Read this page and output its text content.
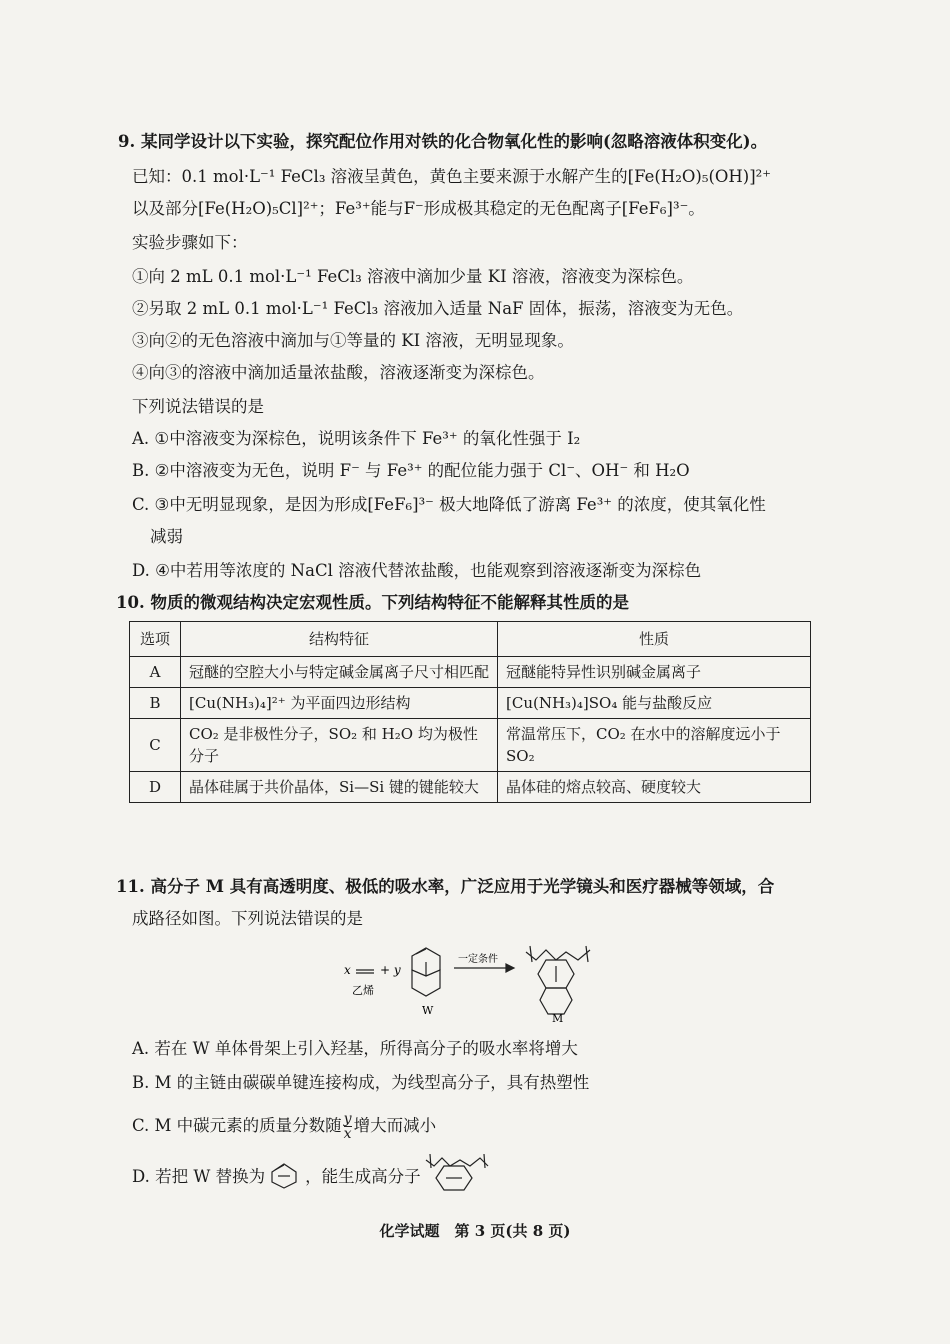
9. 某同学设计以下实验，探究配位作用对铁的化合物氧化性的影响(忽略溶液体积变化)。
已知：0.1 mol·L⁻¹ FeCl₃ 溶液呈黄色，黄色主要来源于水解产生的[Fe(H₂O)₅(OH)]²⁺
以及部分[Fe(H₂O)₅Cl]²⁺；Fe³⁺能与F⁻形成极其稳定的无色配离子[FeF₆]³⁻。
实验步骤如下：
①向 2 mL 0.1 mol·L⁻¹ FeCl₃ 溶液中滴加少量 KI 溶液，溶液变为深棕色。
②另取 2 mL 0.1 mol·L⁻¹ FeCl₃ 溶液加入适量 NaF 固体，振荡，溶液变为无色。
③向②的无色溶液中滴加与①等量的 KI 溶液，无明显现象。
④向③的溶液中滴加适量浓盐酸，溶液逐渐变为深棕色。
下列说法错误的是
A. ①中溶液变为深棕色，说明该条件下 Fe³⁺ 的氧化性强于 I₂
B. ②中溶液变为无色，说明 F⁻ 与 Fe³⁺ 的配位能力强于 Cl⁻、OH⁻ 和 H₂O
C. ③中无明显现象，是因为形成[FeF₆]³⁻ 极大地降低了游离 Fe³⁺ 的浓度，使其氧化性
减弱
D. ④中若用等浓度的 NaCl 溶液代替浓盐酸，也能观察到溶液逐渐变为深棕色
10. 物质的微观结构决定宏观性质。下列结构特征不能解释其性质的是
选项	结构特征	性质
A	冠醚的空腔大小与特定碱金属离子尺寸相匹配	冠醚能特异性识别碱金属离子
B	[Cu(NH₃)₄]²⁺ 为平面四边形结构	[Cu(NH₃)₄]SO₄ 能与盐酸反应
C	CO₂ 是非极性分子，SO₂ 和 H₂O 均为极性分子	常温常压下，CO₂ 在水中的溶解度远小于 SO₂
D	晶体硅属于共价晶体，Si—Si 键的键能较大	晶体硅的熔点较高、硬度较大
11. 高分子 M 具有高透明度、极低的吸水率，广泛应用于光学镜头和医疗器械等领域，合
成路径如图。下列说法错误的是
x
乙烯
+ y
W
一定条件
M
A. 若在 W 单体骨架上引入羟基，所得高分子的吸水率将增大
B. M 的主链由碳碳单键连接构成，为线型高分子，具有热塑性
C. M 中碳元素的质量分数随 $\frac{y}{x}$ 增大而减小
D. 若把 W 替换为 ，能生成高分子
化学试题　第 3 页(共 8 页)
